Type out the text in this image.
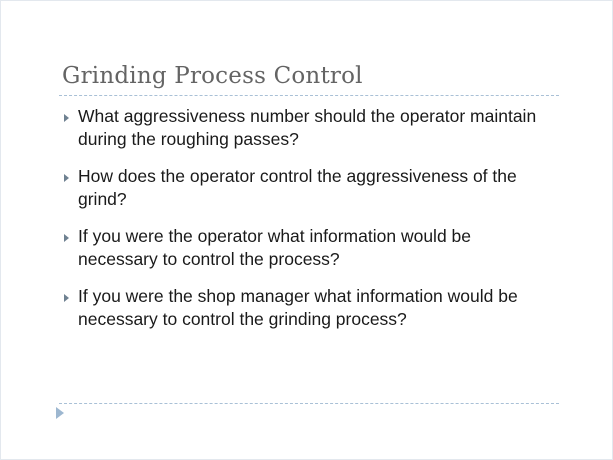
Grinding Process Control
What aggressiveness number should the operator maintain during the roughing passes?
How does the operator control the aggressiveness of the grind?
If you were the operator what information would be necessary to control the process?
If you were the shop manager what information would be necessary to control the grinding process?
